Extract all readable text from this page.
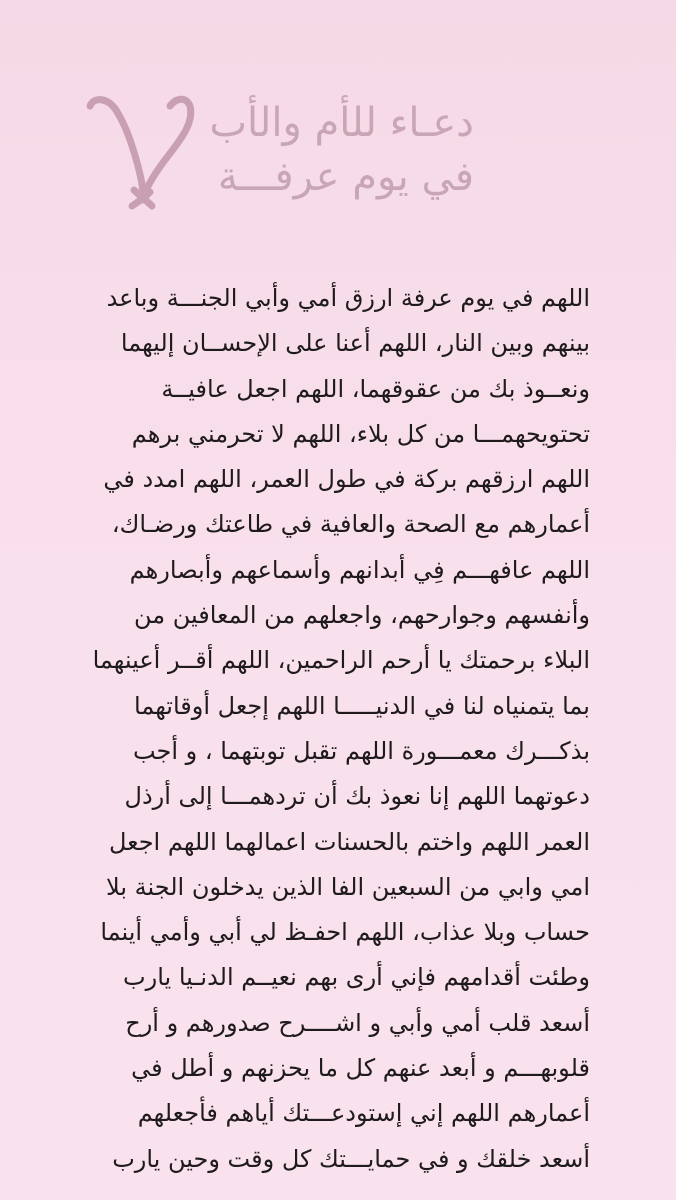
دعـاء للأم والأب
في يوم عرفـــة
اللهم في يوم عرفة ارزق أمي وأبي الجنـــة وباعد
بينهم وبين النار، اللهم أعنا على الإحســان إليهما
ونعــوذ بك من عقوقهما، اللهم اجعل عافيــة
تحتويحهمـــا من كل بلاء، اللهم لا تحرمني برهم
اللهم ارزقهم بركة في طول العمر، اللهم امدد في
أعمارهم مع الصحة والعافية في طاعتك ورضـاك،
اللهم عافهـــم فِي أبدانهم وأسماعهم وأبصارهم
وأنفسهم وجوارحهم، واجعلهم من المعافين من
البلاء برحمتك يا أرحم الراحمين، اللهم أقــر أعينهما
بما يتمنياه لنا في الدنيـــــا اللهم إجعل أوقاتهما
بذكـــرك معمـــورة اللهم تقبل توبتهما ، و أجب
دعوتهما اللهم إنا نعوذ بك أن تردهمـــا إلى أرذل
العمر اللهم واختم بالحسنات اعمالهما اللهم اجعل
امي وابي من السبعين الفا الذين يدخلون الجنة بلا
حساب وبلا عذاب، اللهم احفـظ لي أبي وأمي أينما
وطئت أقدامهم فإني أرى بهم نعيــم الدنـيا يارب
أسعد قلب أمي وأبي و اشــــرح صدورهم و أرح
قلوبهـــم و أبعد عنهم كل ما يحزنهم و أطل في
أعمارهم اللهم إني إستودعـــتك أياهم فأجعلهم
أسعد خلقك و في حمايـــتك كل وقت وحين يارب
